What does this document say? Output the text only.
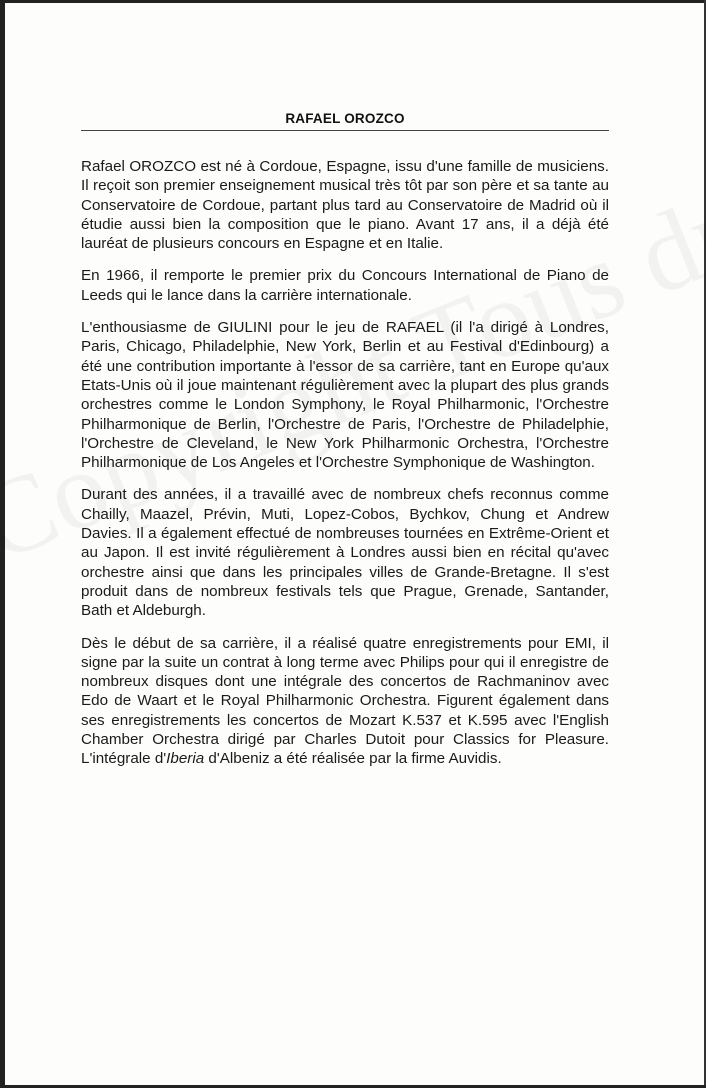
RAFAEL OROZCO

Rafael OROZCO est né à Cordoue, Espagne, issu d'une famille de musiciens. Il reçoit son premier enseignement musical très tôt par son père et sa tante au Conservatoire de Cordoue, partant plus tard au Conservatoire de Madrid où il étudie aussi bien la composition que le piano. Avant 17 ans, il a déjà été lauréat de plusieurs concours en Espagne et en Italie.

En 1966, il remporte le premier prix du Concours International de Piano de Leeds qui le lance dans la carrière internationale.

L'enthousiasme de GIULINI pour le jeu de RAFAEL (il l'a dirigé à Londres, Paris, Chicago, Philadelphie, New York, Berlin et au Festival d'Edinbourg) a été une contribution importante à l'essor de sa carrière, tant en Europe qu'aux Etats-Unis où il joue maintenant régulièrement avec la plupart des plus grands orchestres comme le London Symphony, le Royal Philharmonic, l'Orchestre Philharmonique de Berlin, l'Orchestre de Paris, l'Orchestre de Philadelphie, l'Orchestre de Cleveland, le New York Philharmonic Orchestra, l'Orchestre Philharmonique de Los Angeles et l'Orchestre Symphonique de Washington.

Durant des années, il a travaillé avec de nombreux chefs reconnus comme Chailly, Maazel, Prévin, Muti, Lopez-Cobos, Bychkov, Chung et Andrew Davies. Il a également effectué de nombreuses tournées en Extrême-Orient et au Japon. Il est invité régulièrement à Londres aussi bien en récital qu'avec orchestre ainsi que dans les principales villes de Grande-Bretagne. Il s'est produit dans de nombreux festivals tels que Prague, Grenade, Santander, Bath et Aldeburgh.

Dès le début de sa carrière, il a réalisé quatre enregistrements pour EMI, il signe par la suite un contrat à long terme avec Philips pour qui il enregistre de nombreux disques dont une intégrale des concertos de Rachmaninov avec Edo de Waart et le Royal Philharmonic Orchestra. Figurent également dans ses enregistrements les concertos de Mozart K.537 et K.595 avec l'English Chamber Orchestra dirigé par Charles Dutoit pour Classics for Pleasure. L'intégrale d'Iberia d'Albeniz a été réalisée par la firme Auvidis.
